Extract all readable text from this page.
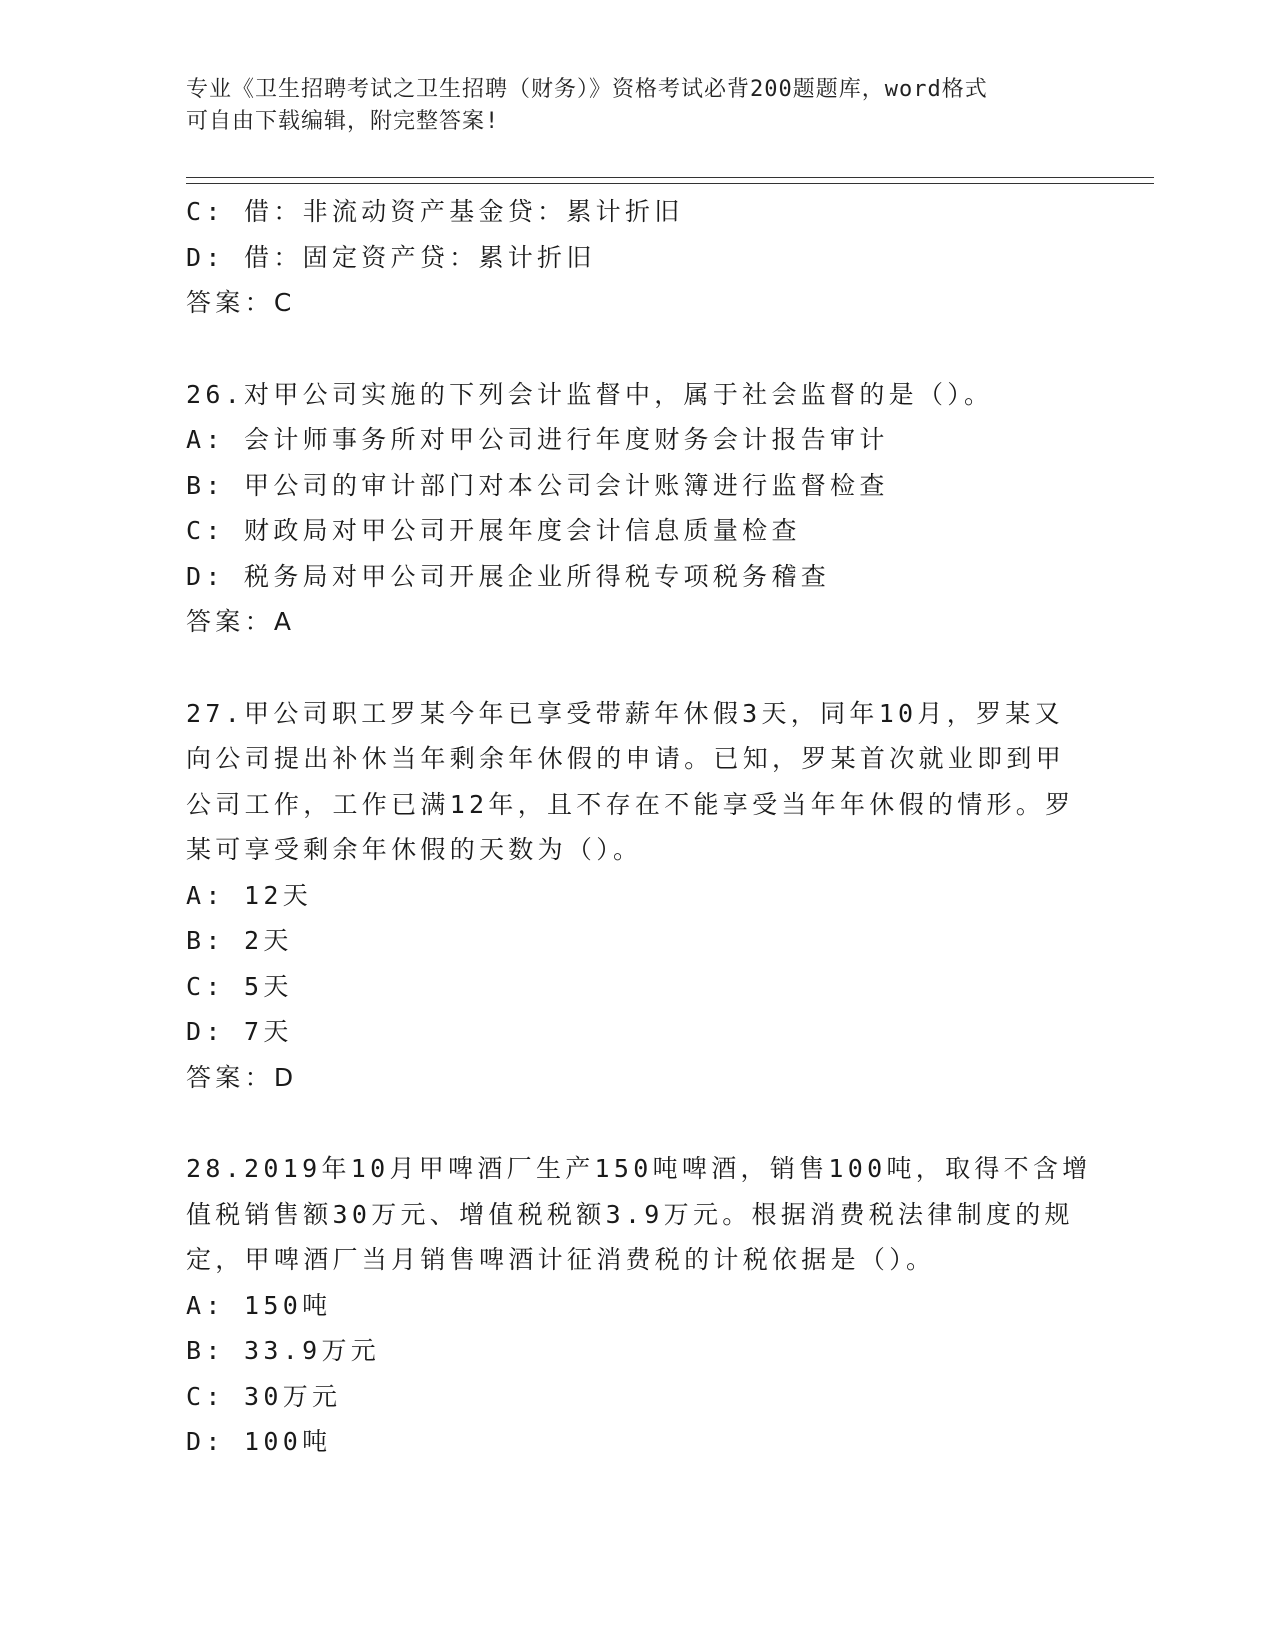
专业《卫生招聘考试之卫生招聘（财务）》资格考试必背200题题库，word格式
可自由下载编辑，附完整答案!
C: 借：非流动资产基金贷：累计折旧
D: 借：固定资产贷：累计折旧
答案：C
26.对甲公司实施的下列会计监督中，属于社会监督的是（）。
A: 会计师事务所对甲公司进行年度财务会计报告审计
B: 甲公司的审计部门对本公司会计账簿进行监督检查
C: 财政局对甲公司开展年度会计信息质量检查
D: 税务局对甲公司开展企业所得税专项税务稽查
答案：A
27.甲公司职工罗某今年已享受带薪年休假3天，同年10月，罗某又
向公司提出补休当年剩余年休假的申请。已知，罗某首次就业即到甲
公司工作，工作已满12年，且不存在不能享受当年年休假的情形。罗
某可享受剩余年休假的天数为（）。
A: 12天
B: 2天
C: 5天
D: 7天
答案：D
28.2019年10月甲啤酒厂生产150吨啤酒，销售100吨，取得不含增
值税销售额30万元、增值税税额3.9万元。根据消费税法律制度的规
定，甲啤酒厂当月销售啤酒计征消费税的计税依据是（）。
A: 150吨
B: 33.9万元
C: 30万元
D: 100吨
